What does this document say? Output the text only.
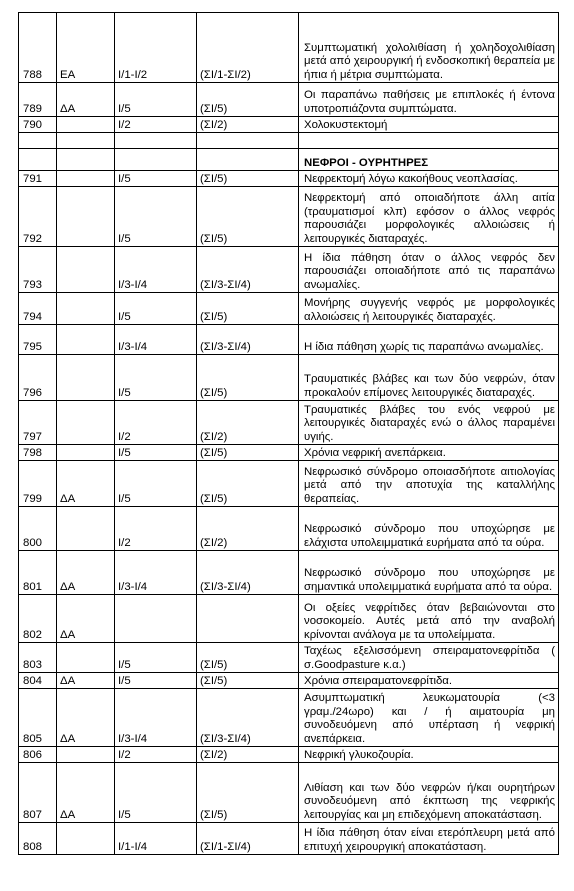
788	ΕΑ	Ι/1-Ι/2	(ΣΙ/1-ΣΙ/2)	Συμπτωματική χολολιθίαση ή χοληδοχολιθίαση μετά από χειρουργική ή ενδοσκοπική θεραπεία με ήπια ή μέτρια συμπτώματα.
789	ΔΑ	Ι/5	(ΣΙ/5)	Οι παραπάνω παθήσεις με επιπλοκές ή έντονα υποτροπιάζοντα συμπτώματα.
790		Ι/2	(ΣΙ/2)	Χολοκυστεκτομή

				ΝΕΦΡΟΙ - ΟΥΡΗΤΗΡΕΣ
791		Ι/5	(ΣΙ/5)	Νεφρεκτομή λόγω κακοήθους νεοπλασίας.
792		Ι/5	(ΣΙ/5)	Νεφρεκτομή από οποιαδήποτε άλλη αιτία (τραυματισμοί κλπ) εφόσον ο άλλος νεφρός παρουσιάζει μορφολογικές αλλοιώσεις ή λειτουργικές διαταραχές.
793		Ι/3-Ι/4	(ΣΙ/3-ΣΙ/4)	Η ίδια πάθηση όταν ο άλλος νεφρός δεν παρουσιάζει οποιαδήποτε από τις παραπάνω ανωμαλίες.
794		Ι/5	(ΣΙ/5)	Μονήρης συγγενής νεφρός με μορφολογικές αλλοιώσεις ή λειτουργικές διαταραχές.
795		Ι/3-Ι/4	(ΣΙ/3-ΣΙ/4)	Η ίδια πάθηση χωρίς τις παραπάνω ανωμαλίες.
796		Ι/5	(ΣΙ/5)	Τραυματικές βλάβες και των δύο νεφρών, όταν προκαλούν επίμονες λειτουργικές διαταραχές.
797		Ι/2	(ΣΙ/2)	Τραυματικές βλάβες του ενός νεφρού με λειτουργικές διαταραχές ενώ ο άλλος παραμένει υγιής.
798		Ι/5	(ΣΙ/5)	Χρόνια νεφρική ανεπάρκεια.
799	ΔΑ	Ι/5	(ΣΙ/5)	Νεφρωσικό σύνδρομο οποιασδήποτε αιτιολογίας μετά από την αποτυχία της καταλλήλης θεραπείας.
800		Ι/2	(ΣΙ/2)	Νεφρωσικό σύνδρομο που υποχώρησε με ελάχιστα υπολειμματικά ευρήματα από τα ούρα.
801	ΔΑ	Ι/3-Ι/4	(ΣΙ/3-ΣΙ/4)	Νεφρωσικό σύνδρομο που υποχώρησε με σημαντικά υπολειμματικά ευρήματα από τα ούρα.
802	ΔΑ			Οι οξείες νεφρίτιδες όταν βεβαιώνονται στο νοσοκομείο. Αυτές μετά από την αναβολή κρίνονται ανάλογα με τα υπολείμματα.
803		Ι/5	(ΣΙ/5)	Ταχέως εξελισσόμενη σπειραματονεφρίτιδα ( σ.Goodpasture κ.α.)
804	ΔΑ	Ι/5	(ΣΙ/5)	Χρόνια σπειραματονεφρίτιδα.
805	ΔΑ	Ι/3-Ι/4	(ΣΙ/3-ΣΙ/4)	Ασυμπτωματική λευκωματουρία (<3 γραμ./24ωρο) και / ή αιματουρία μη συνοδευόμενη από υπέρταση ή νεφρική ανεπάρκεια.
806		Ι/2	(ΣΙ/2)	Νεφρική γλυκοζουρία.
807	ΔΑ	Ι/5	(ΣΙ/5)	Λιθίαση και των δύο νεφρών ή/και ουρητήρων συνοδευόμενη από έκπτωση της νεφρικής λειτουργίας και μη επιδεχόμενη αποκατάσταση.
808		Ι/1-Ι/4	(ΣΙ/1-ΣΙ/4)	Η ίδια πάθηση όταν είναι ετερόπλευρη μετά από επιτυχή χειρουργική αποκατάσταση.
